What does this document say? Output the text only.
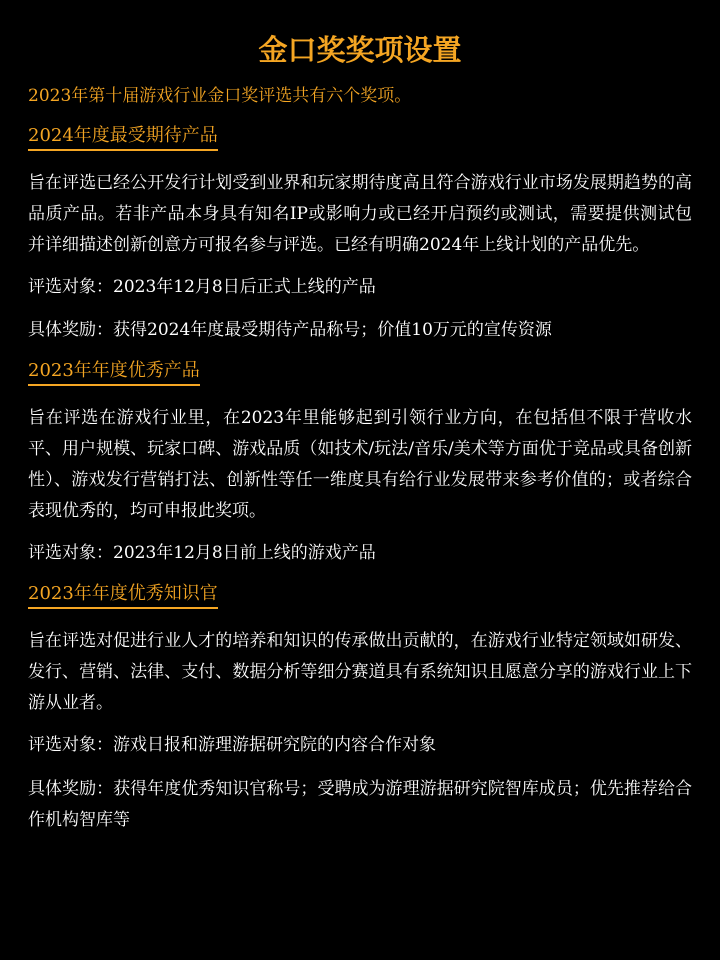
金口奖奖项设置
2023年第十届游戏行业金口奖评选共有六个奖项。
2024年度最受期待产品
旨在评选已经公开发行计划受到业界和玩家期待度高且符合游戏行业市场发展期趋势的高品质产品。若非产品本身具有知名IP或影响力或已经开启预约或测试，需要提供测试包并详细描述创新创意方可报名参与评选。已经有明确2024年上线计划的产品优先。
评选对象：2023年12月8日后正式上线的产品
具体奖励：获得2024年度最受期待产品称号；价值10万元的宣传资源
2023年年度优秀产品
旨在评选在游戏行业里，在2023年里能够起到引领行业方向，在包括但不限于营收水平、用户规模、玩家口碑、游戏品质（如技术/玩法/音乐/美术等方面优于竞品或具备创新性）、游戏发行营销打法、创新性等任一维度具有给行业发展带来参考价值的；或者综合表现优秀的，均可申报此奖项。
评选对象：2023年12月8日前上线的游戏产品
2023年年度优秀知识官
旨在评选对促进行业人才的培养和知识的传承做出贡献的，在游戏行业特定领域如研发、发行、营销、法律、支付、数据分析等细分赛道具有系统知识且愿意分享的游戏行业上下游从业者。
评选对象：游戏日报和游理游据研究院的内容合作对象
具体奖励：获得年度优秀知识官称号；受聘成为游理游据研究院智库成员；优先推荐给合作机构智库等
